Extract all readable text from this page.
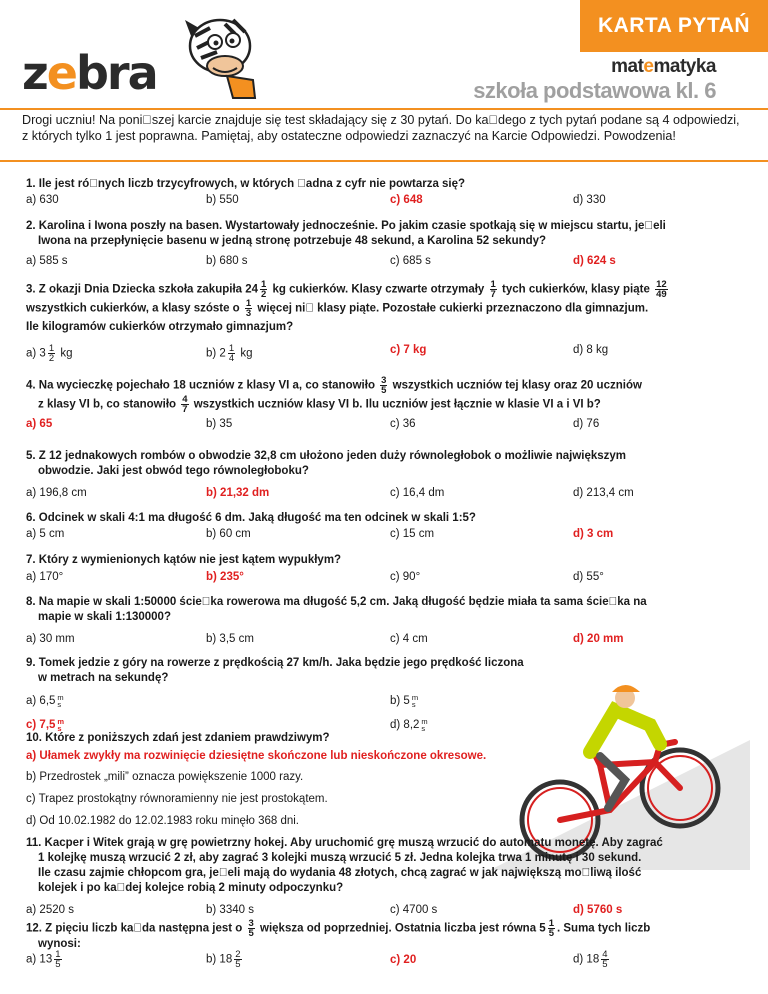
zebra
KARTA PYTAŃ
matematyka
szkoła podstawowa kl. 6
Drogi uczniu! Na poni szej karcie znajduje się test składający się z 30 pytań. Do ka dego z tych pytań podane są 4 odpowiedzi, z których tylko 1 jest poprawna. Pamiętaj, aby ostateczne odpowiedzi zaznaczyć na Karcie Odpowiedzi. Powodzenia!
1. Ile jest ró nych liczb trzycyfrowych, w których  adna z cyfr nie powtarza się?
a) 630	b) 550	c) 648	d) 330
2. Karolina i Iwona poszły na basen. Wystartowały jednocześnie. Po jakim czasie spotkają się w miejscu startu, je eli
Iwona na przepłynięcie basenu w jedną stronę potrzebuje 48 sekund, a Karolina 52 sekundy?
a) 585 s	b) 680 s	c) 685 s	d) 624 s
3. Z okazji Dnia Dziecka szkoła zakupiła $24 \frac{1}{2}$ kg cukierków. Klasy czwarte otrzymały $\frac{1}{7}$ tych cukierków, klasy piąte $\frac{12}{49}$
wszystkich cukierków, a klasy szóste o $\frac{1}{3}$ więcej ni  klasy piąte. Pozostałe cukierki przeznaczono dla gimnazjum.
Ile kilogramów cukierków otrzymało gimnazjum?
a) $3 \frac{1}{2}$ kg	b) $2 \frac{1}{4}$ kg	c) 7 kg	d) 8 kg
4. Na wycieczkę pojechało 18 uczniów z klasy VI a, co stanowiło $\frac{3}{5}$ wszystkich uczniów tej klasy oraz 20 uczniów
z klasy VI b, co stanowiło $\frac{4}{7}$ wszystkich uczniów klasy VI b. Ilu uczniów jest łącznie w klasie VI a i VI b?
a) 65	b) 35	c) 36	d) 76
5. Z 12 jednakowych rombów o obwodzie 32,8 cm ułożono jeden duży równoległobok o możliwie największym
obwodzie. Jaki jest obwód tego równoległoboku?
a) 196,8 cm	b) 21,32 dm	c) 16,4 dm	d) 213,4 cm
6. Odcinek w skali 4:1 ma długość 6 dm. Jaką długość ma ten odcinek w skali 1:5?
a) 5 cm	b) 60 cm	c) 15 cm	d) 3 cm
7. Który z wymienionych kątów nie jest kątem wypukłym?
a) 170°	b) 235°	c) 90°	d) 55°
8. Na mapie w skali 1:50000 ście ka rowerowa ma długość 5,2 cm. Jaką długość będzie miała ta sama ście ka na
mapie w skali 1:130000?
a) 30 mm	b) 3,5 cm	c) 4 cm	d) 20 mm
9. Tomek jedzie z góry na rowerze z prędkością 27 km/h. Jaka będzie jego prędkość liczona
w metrach na sekundę?
a) 6,5 m
s	b) 5 m
s
c) 7,5 m
s	d) 8,2 m
s
10. Które z poniższych zdań jest zdaniem prawdziwym?
a) Ułamek zwykły ma rozwinięcie dziesiętne skończone lub nieskończone okresowe.
b) Przedrostek „mili” oznacza powiększenie 1000 razy.
c) Trapez prostokątny równoramienny nie jest prostokątem.
d) Od 10.02.1982 do 12.02.1983 roku minęło 368 dni.
11. Kacper i Witek grają w grę powietrzny hokej. Aby uruchomić grę muszą wrzucić do automatu monetę. Aby zagrać
1 kolejkę muszą wrzucić 2 zł, aby zagrać 3 kolejki muszą wrzucić 5 zł. Jedna kolejka trwa 1 minutę i 30 sekund.
Ile czasu zajmie chłopcom gra, je eli mają do wydania 48 złotych, chcą zagrać w jak największą mo liwą ilość
kolejek i po ka dej kolejce robią 2 minuty odpoczynku?
a) 2520 s	b) 3340 s	c) 4700 s	d) 5760 s
12. Z pięciu liczb ka da następna jest o $\frac{3}{5}$ większa od poprzedniej. Ostatnia liczba jest równa $5 \frac{1}{5}$ . Suma tych liczb
wynosi:
a) $13 \frac{1}{5}$	b) $18 \frac{2}{5}$	c) 20	d) $18 \frac{4}{5}$
